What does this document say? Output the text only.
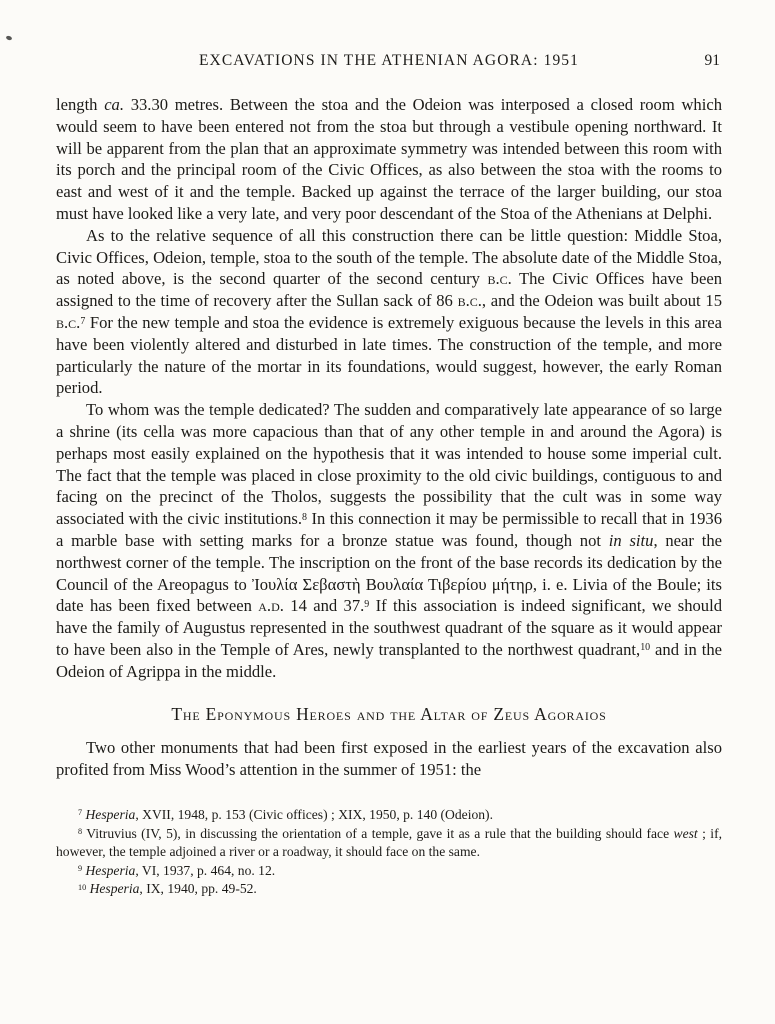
EXCAVATIONS IN THE ATHENIAN AGORA: 1951	91

length ca. 33.30 metres. Between the stoa and the Odeion was interposed a closed room which would seem to have been entered not from the stoa but through a vestibule opening northward. It will be apparent from the plan that an approximate symmetry was intended between this room with its porch and the principal room of the Civic Offices, as also between the stoa with the rooms to east and west of it and the temple. Backed up against the terrace of the larger building, our stoa must have looked like a very late, and very poor descendant of the Stoa of the Athenians at Delphi.

As to the relative sequence of all this construction there can be little question: Middle Stoa, Civic Offices, Odeion, temple, stoa to the south of the temple. The absolute date of the Middle Stoa, as noted above, is the second quarter of the second century b.c. The Civic Offices have been assigned to the time of recovery after the Sullan sack of 86 b.c., and the Odeion was built about 15 b.c.$^7$ For the new temple and stoa the evidence is extremely exiguous because the levels in this area have been violently altered and disturbed in late times. The construction of the temple, and more particularly the nature of the mortar in its foundations, would suggest, however, the early Roman period.

To whom was the temple dedicated? The sudden and comparatively late appearance of so large a shrine (its cella was more capacious than that of any other temple in and around the Agora) is perhaps most easily explained on the hypothesis that it was intended to house some imperial cult. The fact that the temple was placed in close proximity to the old civic buildings, contiguous to and facing on the precinct of the Tholos, suggests the possibility that the cult was in some way associated with the civic institutions.$^8$ In this connection it may be permissible to recall that in 1936 a marble base with setting marks for a bronze statue was found, though not in situ, near the northwest corner of the temple. The inscription on the front of the base records its dedication by the Council of the Areopagus to Ἰουλία Σεβαστὴ Βουλαία Τιβερίου μήτηρ, i. e. Livia of the Boule; its date has been fixed between a.d. 14 and 37.$^9$ If this association is indeed significant, we should have the family of Augustus represented in the southwest quadrant of the square as it would appear to have been also in the Temple of Ares, newly transplanted to the northwest quadrant,$^{10}$ and in the Odeion of Agrippa in the middle.

The Eponymous Heroes and the Altar of Zeus Agoraios

Two other monuments that had been first exposed in the earliest years of the excavation also profited from Miss Wood’s attention in the summer of 1951: the

$^7$ Hesperia, XVII, 1948, p. 153 (Civic offices) ; XIX, 1950, p. 140 (Odeion).

$^8$ Vitruvius (IV, 5), in discussing the orientation of a temple, gave it as a rule that the building should face west ; if, however, the temple adjoined a river or a roadway, it should face on the same.

$^9$ Hesperia, VI, 1937, p. 464, no. 12.

$^{10}$ Hesperia, IX, 1940, pp. 49-52.
